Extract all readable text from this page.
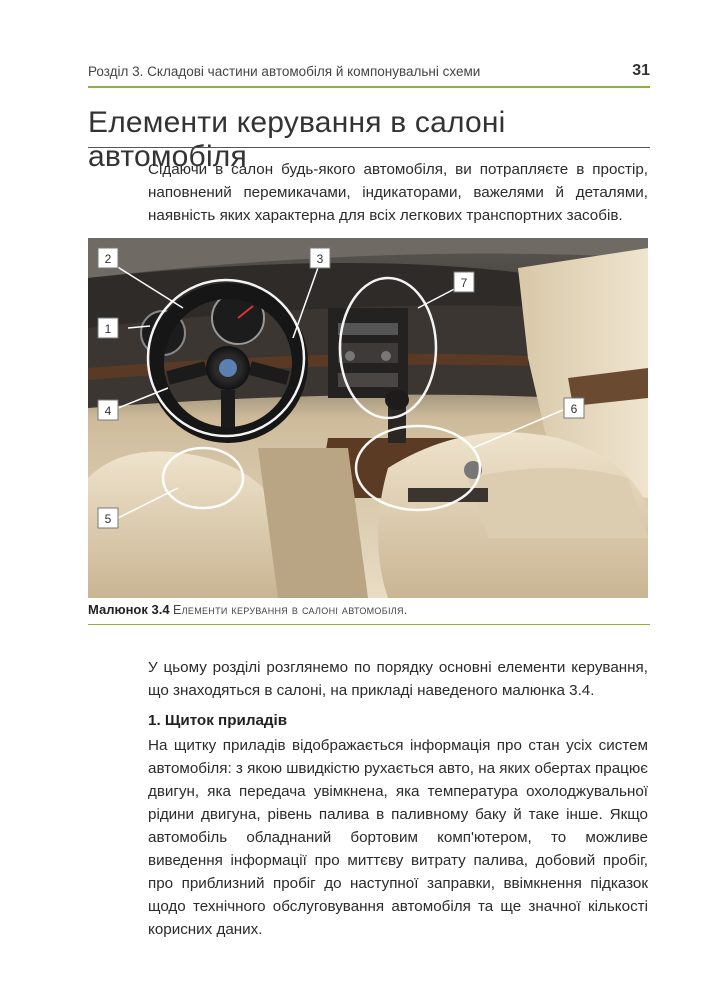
Розділ 3. Складові частини автомобіля й компонувальні схеми	31
Елементи керування в салоні автомобіля
Сідаючи в салон будь-якого автомобіля, ви потрапляєте в простір, наповнений перемикачами, індикаторами, важелями й деталями, наявність яких характерна для всіх легкових транспортних засобів.
1
2	3
4
5
6
7
Малюнок 3.4 Елементи керування в салоні автомобіля.
У цьому розділі розглянемо по порядку основні елементи керування, що знаходяться в салоні, на прикладі наведеного малюнка 3.4.
1. Щиток приладів
На щитку приладів відображається інформація про стан усіх систем автомобіля: з якою швидкістю рухається авто, на яких обертах працює двигун, яка передача увімкнена, яка температура охолоджувальної рідини двигуна, рівень палива в паливному баку й таке інше. Якщо автомобіль обладнаний бортовим комп'ютером, то можливе виведення інформації про миттєву витрату палива, добовий пробіг, про приблизний пробіг до наступної заправки, ввімкнення підказок щодо технічного обслуговування автомобіля та ще значної кількості корисних даних.
